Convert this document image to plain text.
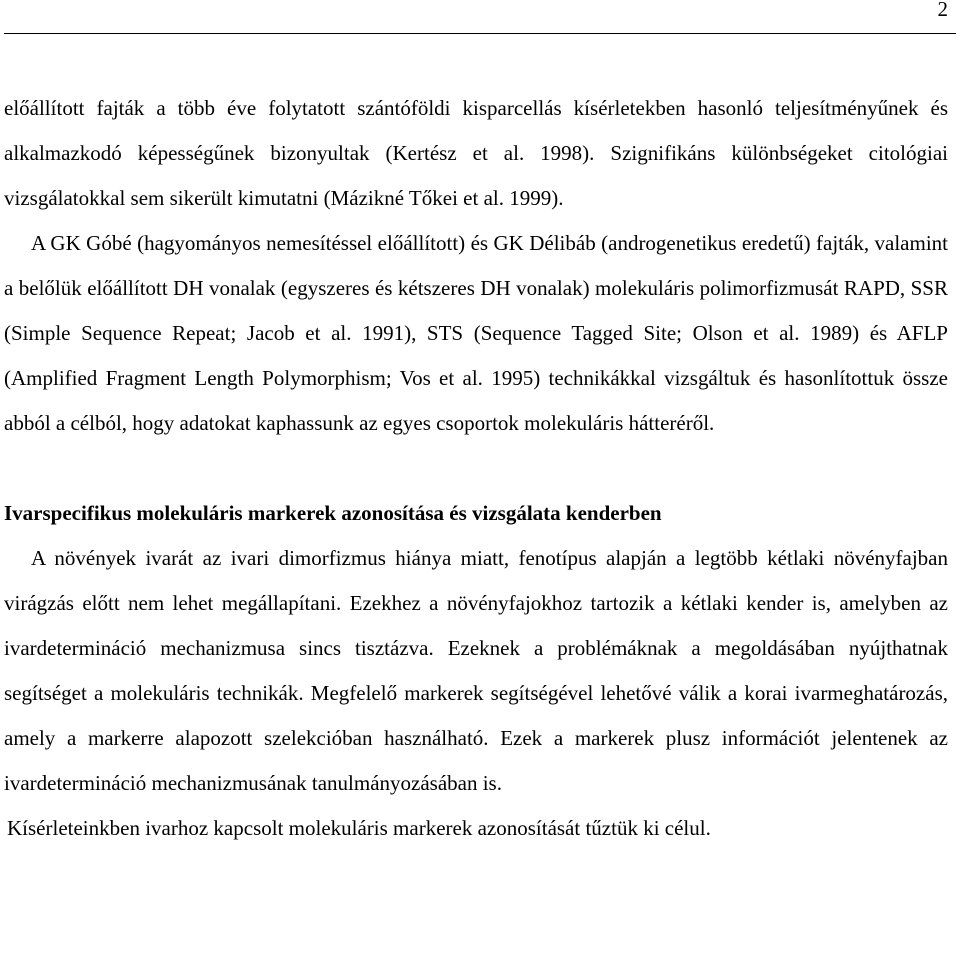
2

előállított fajták a több éve folytatott szántóföldi kisparcellás kísérletekben hasonló teljesítményűnek és alkalmazkodó képességűnek bizonyultak (Kertész et al. 1998). Szignifikáns különbségeket citológiai vizsgálatokkal sem sikerült kimutatni (Mázikné Tőkei et al. 1999).

A GK Góbé (hagyományos nemesítéssel előállított) és GK Délibáb (androgenetikus eredetű) fajták, valamint a belőlük előállított DH vonalak (egyszeres és kétszeres DH vonalak) molekuláris polimorfizmusát RAPD, SSR (Simple Sequence Repeat; Jacob et al. 1991), STS (Sequence Tagged Site; Olson et al. 1989) és AFLP (Amplified Fragment Length Polymorphism; Vos et al. 1995) technikákkal vizsgáltuk és hasonlítottuk össze abból a célból, hogy adatokat kaphassunk az egyes csoportok molekuláris hátteréről.

Ivarspecifikus molekuláris markerek azonosítása és vizsgálata kenderben

A növények ivarát az ivari dimorfizmus hiánya miatt, fenotípus alapján a legtöbb kétlaki növényfajban virágzás előtt nem lehet megállapítani. Ezekhez a növényfajokhoz tartozik a kétlaki kender is, amelyben az ivardetermináció mechanizmusa sincs tisztázva. Ezeknek a problémáknak a megoldásában nyújthatnak segítséget a molekuláris technikák. Megfelelő markerek segítségével lehetővé válik a korai ivarmeghatározás, amely a markerre alapozott szelekcióban használható. Ezek a markerek plusz információt jelentenek az ivardetermináció mechanizmusának tanulmányozásában is.

Kísérleteinkben ivarhoz kapcsolt molekuláris markerek azonosítását tűztük ki célul.
